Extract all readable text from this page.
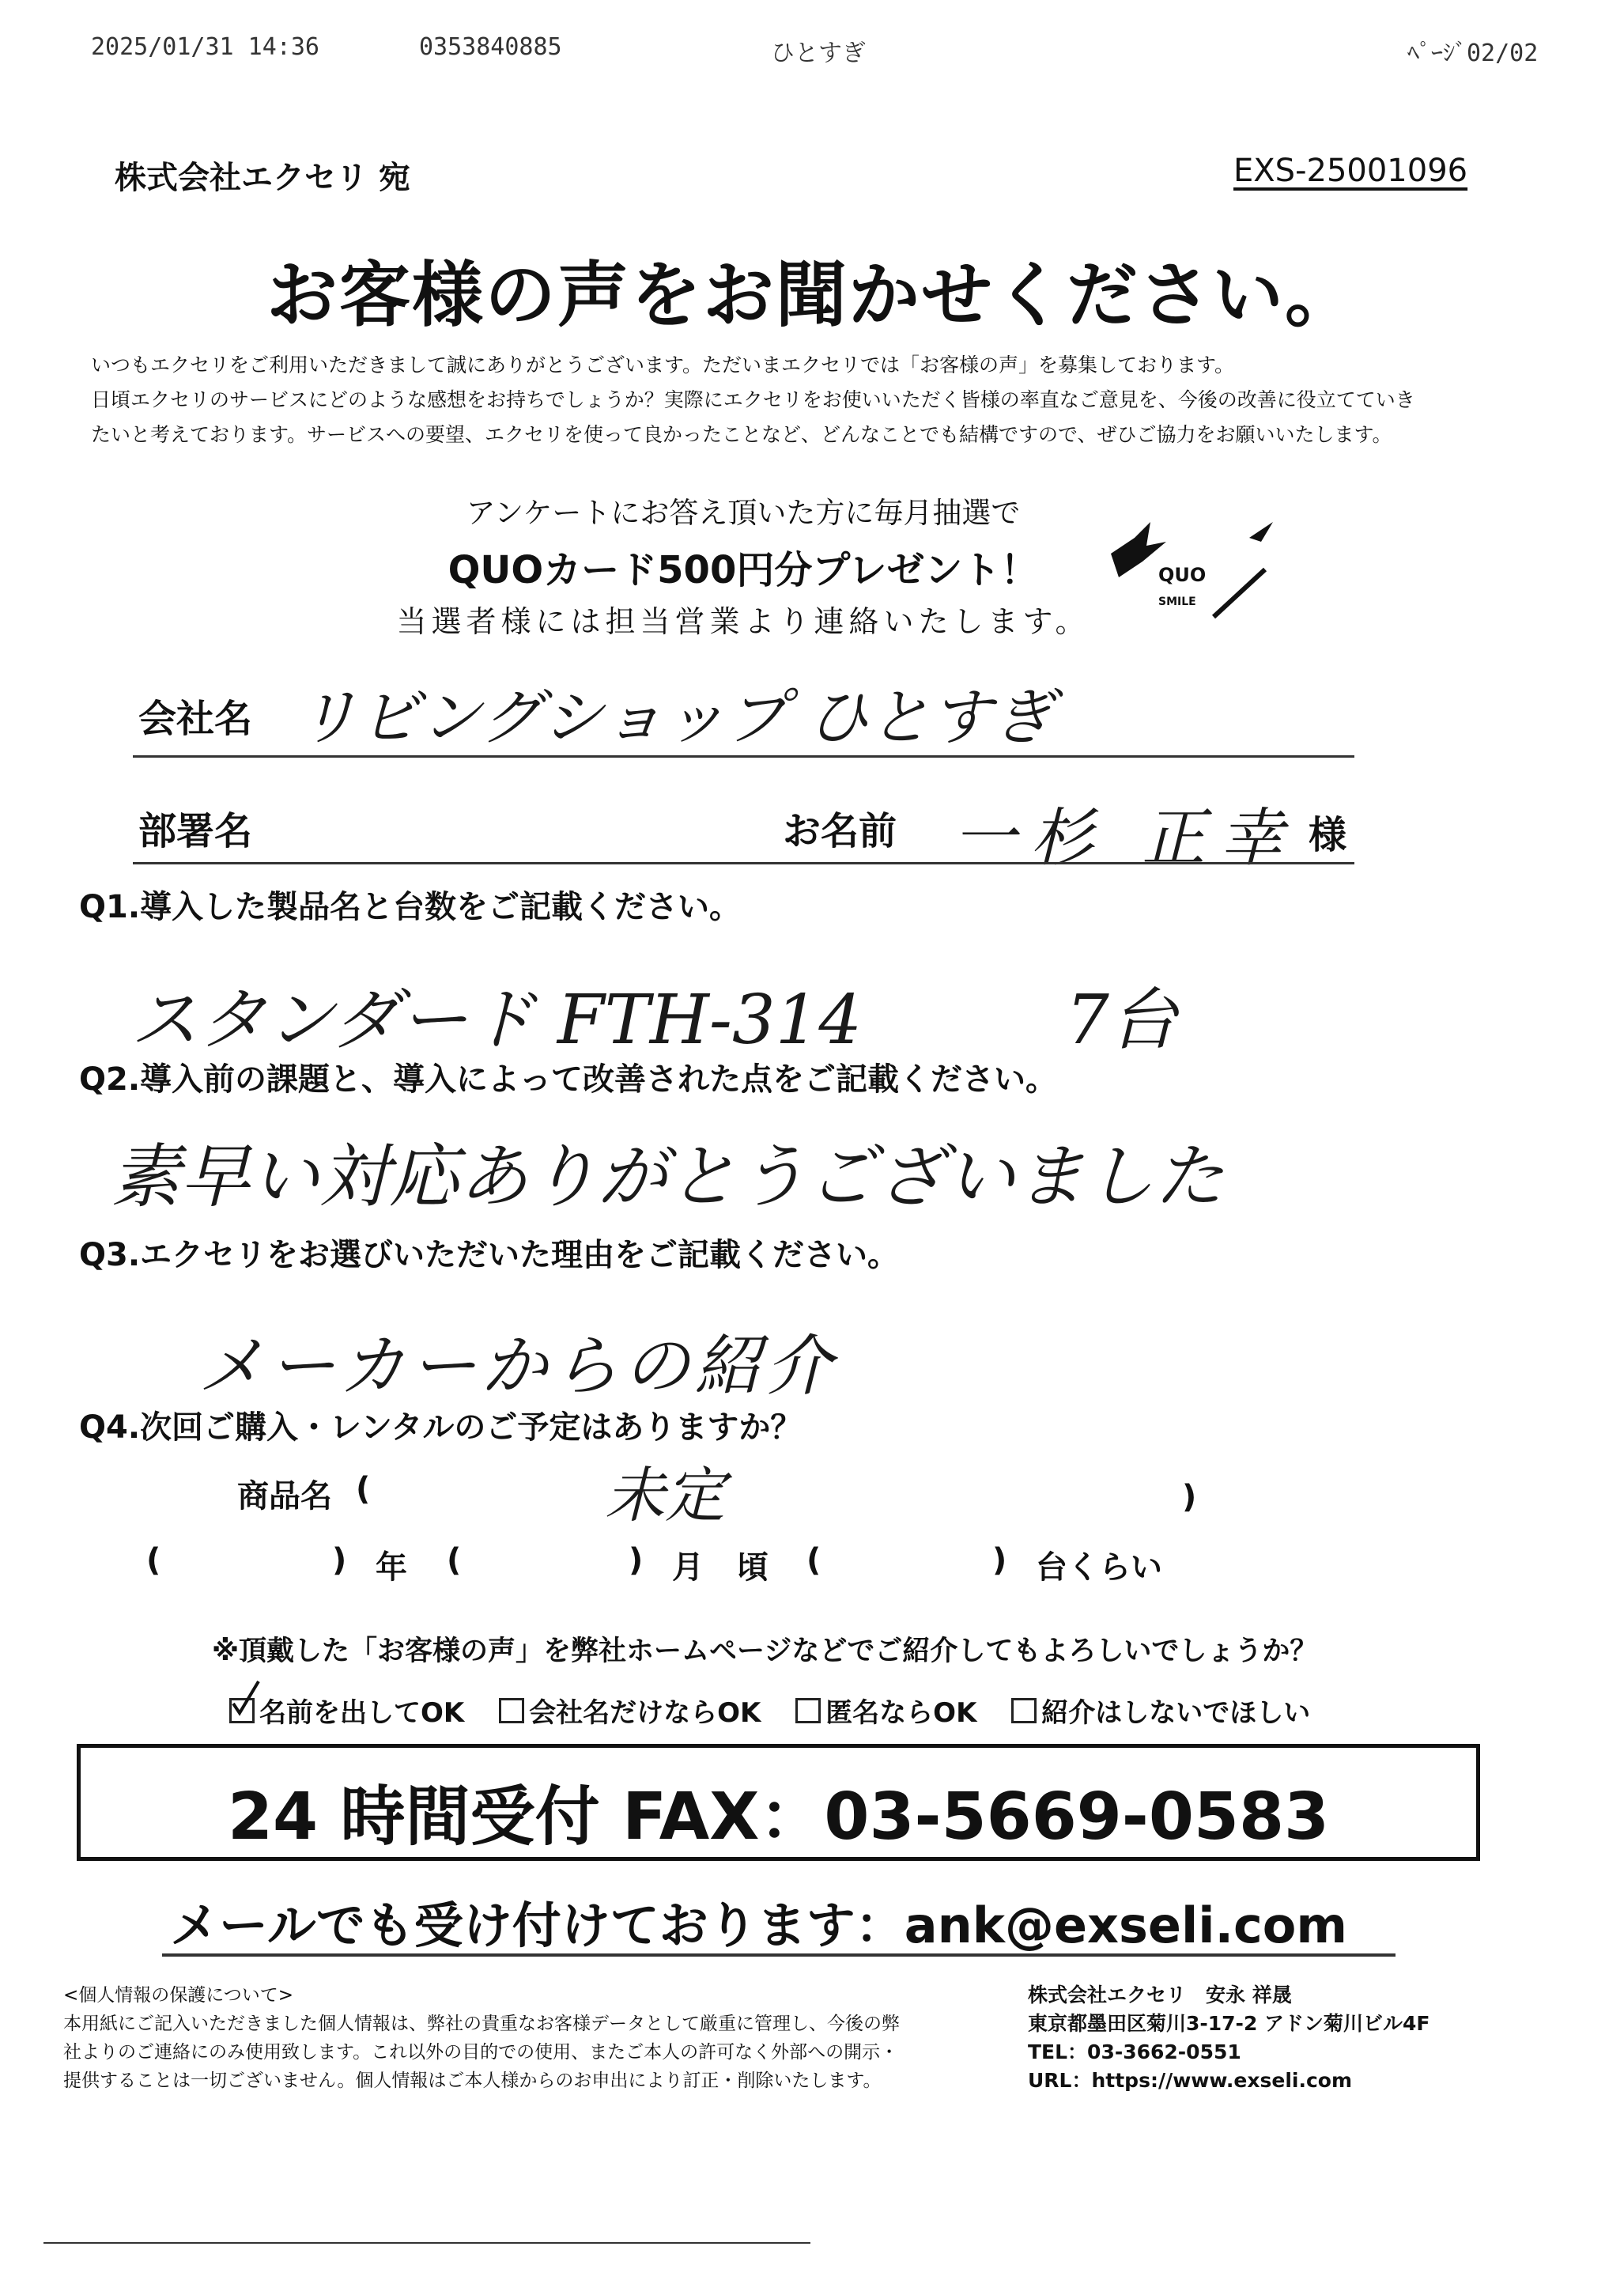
2025/01/31 14:36	0353840885	ひとすぎ	ﾍﾟｰｼﾞ02/02
株式会社エクセリ 宛	EXS-25001096
お客様の声をお聞かせください。
いつもエクセリをご利用いただきまして誠にありがとうございます。ただいまエクセリでは「お客様の声」を募集しております。
日頃エクセリのサービスにどのような感想をお持ちでしょうか？実際にエクセリをお使いいただく皆様の率直なご意見を、今後の改善に役立てていき
たいと考えております。サービスへの要望、エクセリを使って良かったことなど、どんなことでも結構ですので、ぜひご協力をお願いいたします。
アンケートにお答え頂いた方に毎月抽選で
QUOカード500円分プレゼント！
当選者様には担当営業より連絡いたします。
QUO
SMILE
会社名 リビングショップ ひとすぎ
部署名	お名前 一杉 正幸 様
Q1.導入した製品名と台数をご記載ください。
スタンダード FTH-314　　　7台
Q2.導入前の課題と、導入によって改善された点をご記載ください。
素早い対応ありがとうございました
Q3.エクセリをお選びいただいた理由をご記載ください。
メーカーからの紹介
Q4.次回ご購入・レンタルのご予定はありますか？
商品名 (	未定	)
(	) 年 (	) 月 頃 (	) 台くらい
※頂戴した「お客様の声」を弊社ホームページなどでご紹介してもよろしいでしょうか？
名前を出してOK 会社名だけならOK 匿名ならOK 紹介はしないでほしい
24 時間受付 FAX：03-5669-0583
メールでも受け付けております：ank@exseli.com

<個人情報の保護について>

本用紙にご記入いただきました個人情報は、弊社の貴重なお客様データとして厳重に管理し、今後の弊

社よりのご連絡にのみ使用致します。これ以外の目的での使用、またご本人の許可なく外部への開示・

提供することは一切ございません。個人情報はご本人様からのお申出により訂正・削除いたします。

株式会社エクセリ　安永 祥晟
東京都墨田区菊川3-17-2 アドン菊川ビル4F
TEL：03-3662-0551
URL：https://www.exseli.com
